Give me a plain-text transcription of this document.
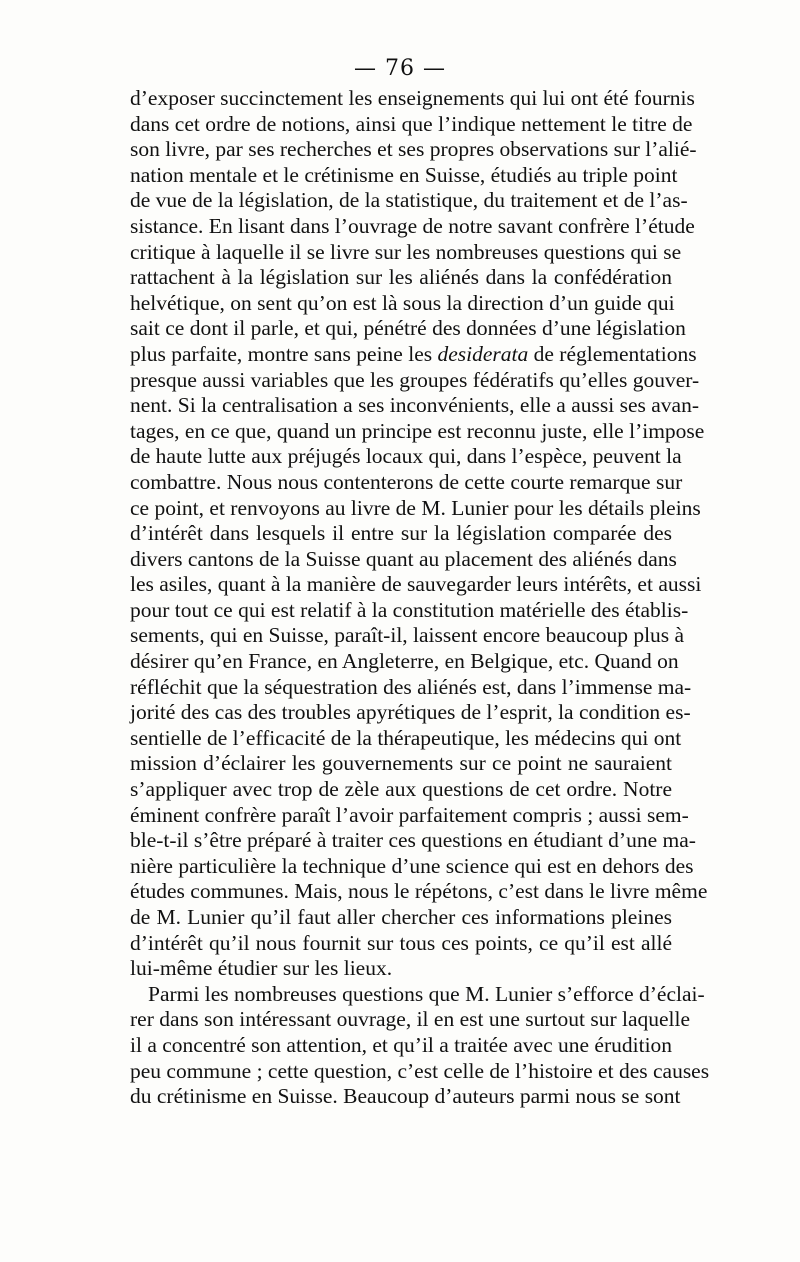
— 76 —
d’exposer succinctement les enseignements qui lui ont été fournis
dans cet ordre de notions, ainsi que l’indique nettement le titre de
son livre, par ses recherches et ses propres observations sur l’alié-
nation mentale et le crétinisme en Suisse, étudiés au triple point
de vue de la législation, de la statistique, du traitement et de l’as-
sistance. En lisant dans l’ouvrage de notre savant confrère l’étude
critique à laquelle il se livre sur les nombreuses questions qui se
rattachent à la législation sur les aliénés dans la confédération
helvétique, on sent qu’on est là sous la direction d’un guide qui
sait ce dont il parle, et qui, pénétré des données d’une législation
plus parfaite, montre sans peine les desiderata de réglementations
presque aussi variables que les groupes fédératifs qu’elles gouver-
nent. Si la centralisation a ses inconvénients, elle a aussi ses avan-
tages, en ce que, quand un principe est reconnu juste, elle l’impose
de haute lutte aux préjugés locaux qui, dans l’espèce, peuvent la
combattre. Nous nous contenterons de cette courte remarque sur
ce point, et renvoyons au livre de M. Lunier pour les détails pleins
d’intérêt dans lesquels il entre sur la législation comparée des
divers cantons de la Suisse quant au placement des aliénés dans
les asiles, quant à la manière de sauvegarder leurs intérêts, et aussi
pour tout ce qui est relatif à la constitution matérielle des établis-
sements, qui en Suisse, paraît-il, laissent encore beaucoup plus à
désirer qu’en France, en Angleterre, en Belgique, etc. Quand on
réfléchit que la séquestration des aliénés est, dans l’immense ma-
jorité des cas des troubles apyrétiques de l’esprit, la condition es-
sentielle de l’efficacité de la thérapeutique, les médecins qui ont
mission d’éclairer les gouvernements sur ce point ne sauraient
s’appliquer avec trop de zèle aux questions de cet ordre. Notre
éminent confrère paraît l’avoir parfaitement compris ; aussi sem-
ble-t-il s’être préparé à traiter ces questions en étudiant d’une ma-
nière particulière la technique d’une science qui est en dehors des
études communes. Mais, nous le répétons, c’est dans le livre même
de M. Lunier qu’il faut aller chercher ces informations pleines
d’intérêt qu’il nous fournit sur tous ces points, ce qu’il est allé
lui-même étudier sur les lieux.
Parmi les nombreuses questions que M. Lunier s’efforce d’éclai-
rer dans son intéressant ouvrage, il en est une surtout sur laquelle
il a concentré son attention, et qu’il a traitée avec une érudition
peu commune ; cette question, c’est celle de l’histoire et des causes
du crétinisme en Suisse. Beaucoup d’auteurs parmi nous se sont
